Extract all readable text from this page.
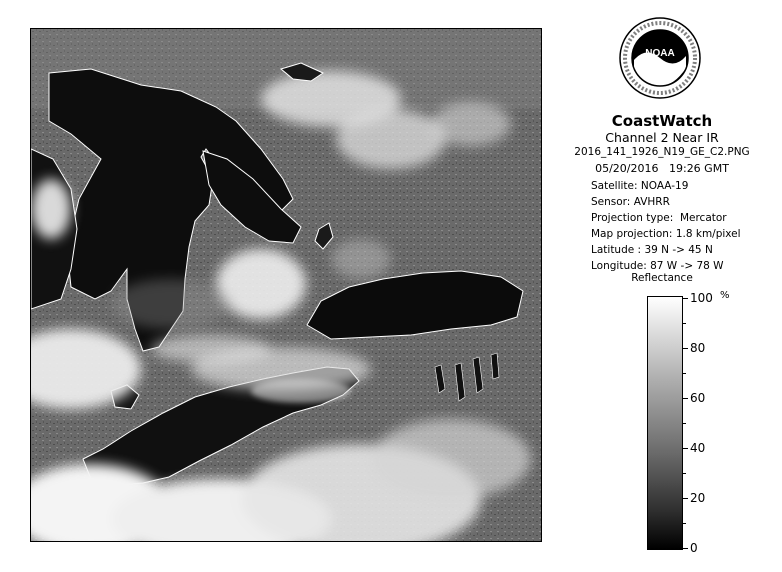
NOAA
CoastWatch
Channel 2 Near IR
2016_141_1926_N19_GE_C2.PNG
05/20/2016 19:26 GMT
Satellite: NOAA-19
Sensor: AVHRR
Projection type: Mercator
Map projection: 1.8 km/pixel
Latitude : 39 N -> 45 N
Longitude: 87 W -> 78 W
Reflectance
%
100
80
60
40
20
0
